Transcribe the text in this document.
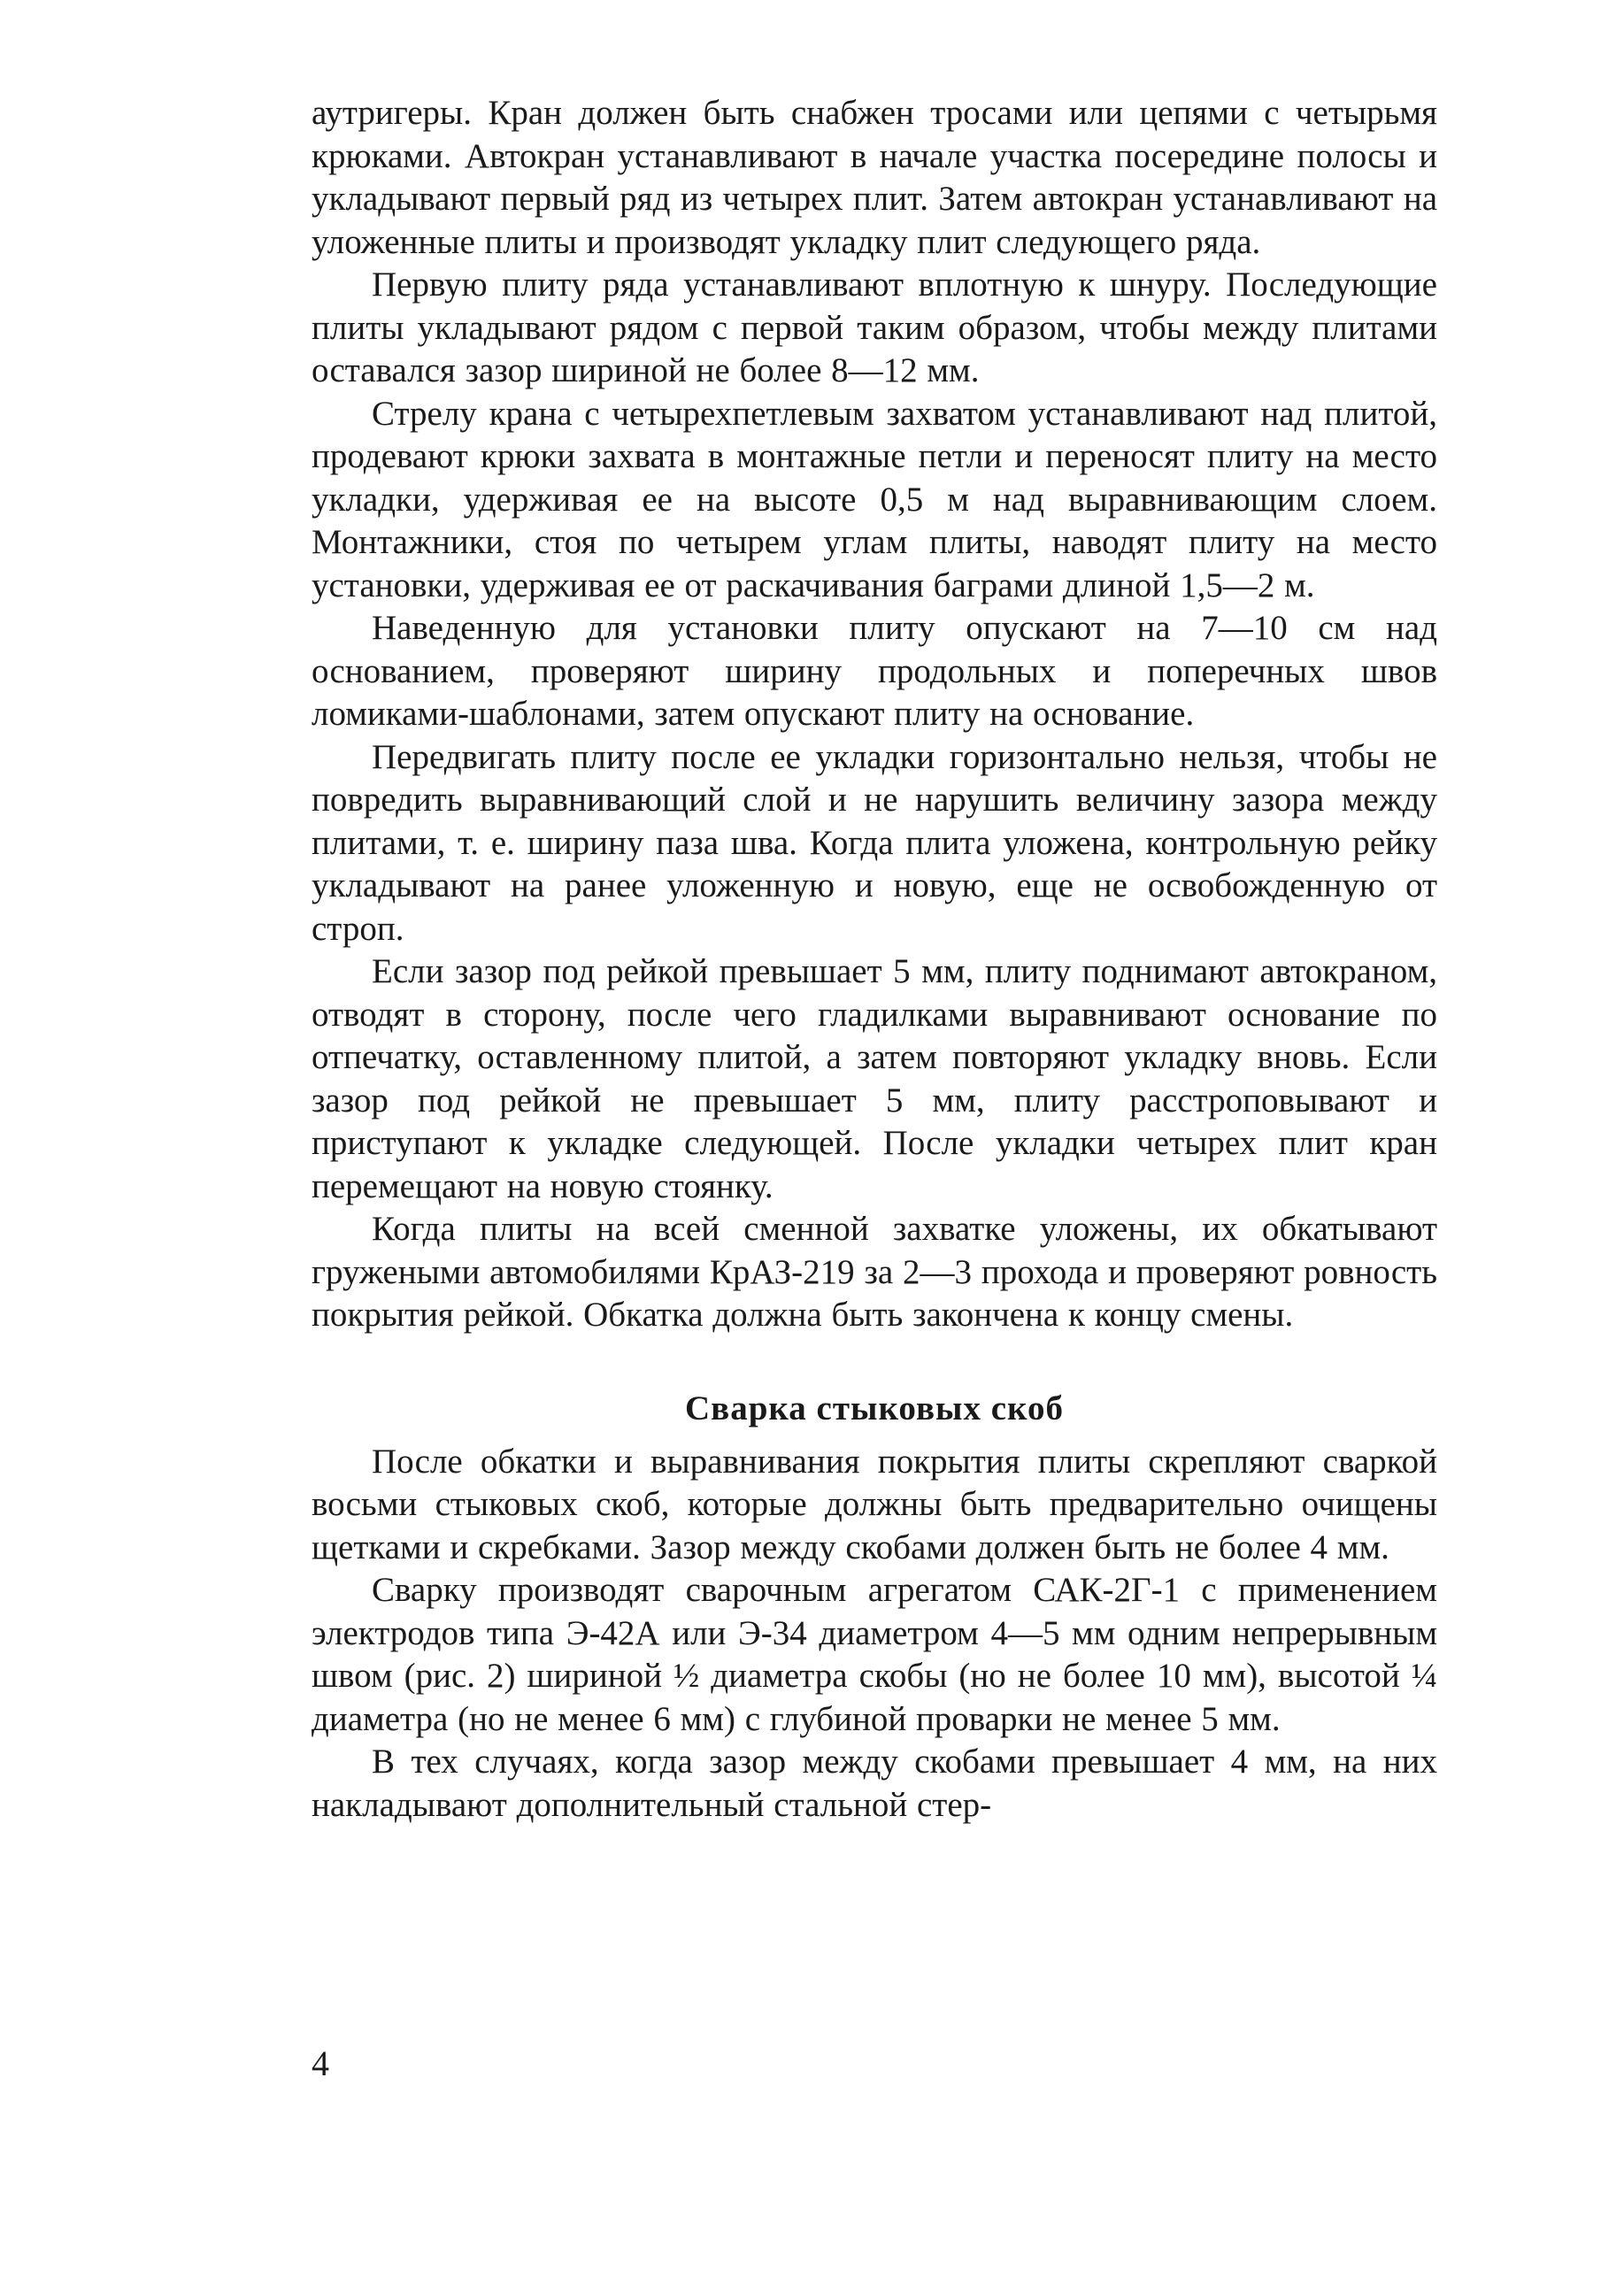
аутригеры. Кран должен быть снабжен тросами или цепями с четырьмя крюками. Автокран устанавливают в начале участка посередине полосы и укладывают первый ряд из четырех плит. Затем автокран устанавливают на уложенные плиты и производят укладку плит следующего ряда.

Первую плиту ряда устанавливают вплотную к шнуру. Последующие плиты укладывают рядом с первой таким образом, чтобы между плитами оставался зазор шириной не более 8—12 мм.

Стрелу крана с четырехпетлевым захватом устанавливают над плитой, продевают крюки захвата в монтажные петли и переносят плиту на место укладки, удерживая ее на высоте 0,5 м над выравнивающим слоем. Монтажники, стоя по четырем углам плиты, наводят плиту на место установки, удерживая ее от раскачивания баграми длиной 1,5—2 м.

Наведенную для установки плиту опускают на 7—10 см над основанием, проверяют ширину продольных и поперечных швов ломиками-шаблонами, затем опускают плиту на основание.

Передвигать плиту после ее укладки горизонтально нельзя, чтобы не повредить выравнивающий слой и не нарушить величину зазора между плитами, т. е. ширину паза шва. Когда плита уложена, контрольную рейку укладывают на ранее уложенную и новую, еще не освобожденную от строп.

Если зазор под рейкой превышает 5 мм, плиту поднимают автокраном, отводят в сторону, после чего гладилками выравнивают основание по отпечатку, оставленному плитой, а затем повторяют укладку вновь. Если зазор под рейкой не превышает 5 мм, плиту расстроповывают и приступают к укладке следующей. После укладки четырех плит кран перемещают на новую стоянку.

Когда плиты на всей сменной захватке уложены, их обкатывают гружеными автомобилями КрАЗ-219 за 2—3 прохода и проверяют ровность покрытия рейкой. Обкатка должна быть закончена к концу смены.

Сварка стыковых скоб

После обкатки и выравнивания покрытия плиты скрепляют сваркой восьми стыковых скоб, которые должны быть предварительно очищены щетками и скребками. Зазор между скобами должен быть не более 4 мм.

Сварку производят сварочным агрегатом САК-2Г-1 с применением электродов типа Э-42А или Э-34 диаметром 4—5 мм одним непрерывным швом (рис. 2) шириной ½ диаметра скобы (но не более 10 мм), высотой ¼ диаметра (но не менее 6 мм) с глубиной проварки не менее 5 мм.

В тех случаях, когда зазор между скобами превышает 4 мм, на них накладывают дополнительный стальной стер-

4
